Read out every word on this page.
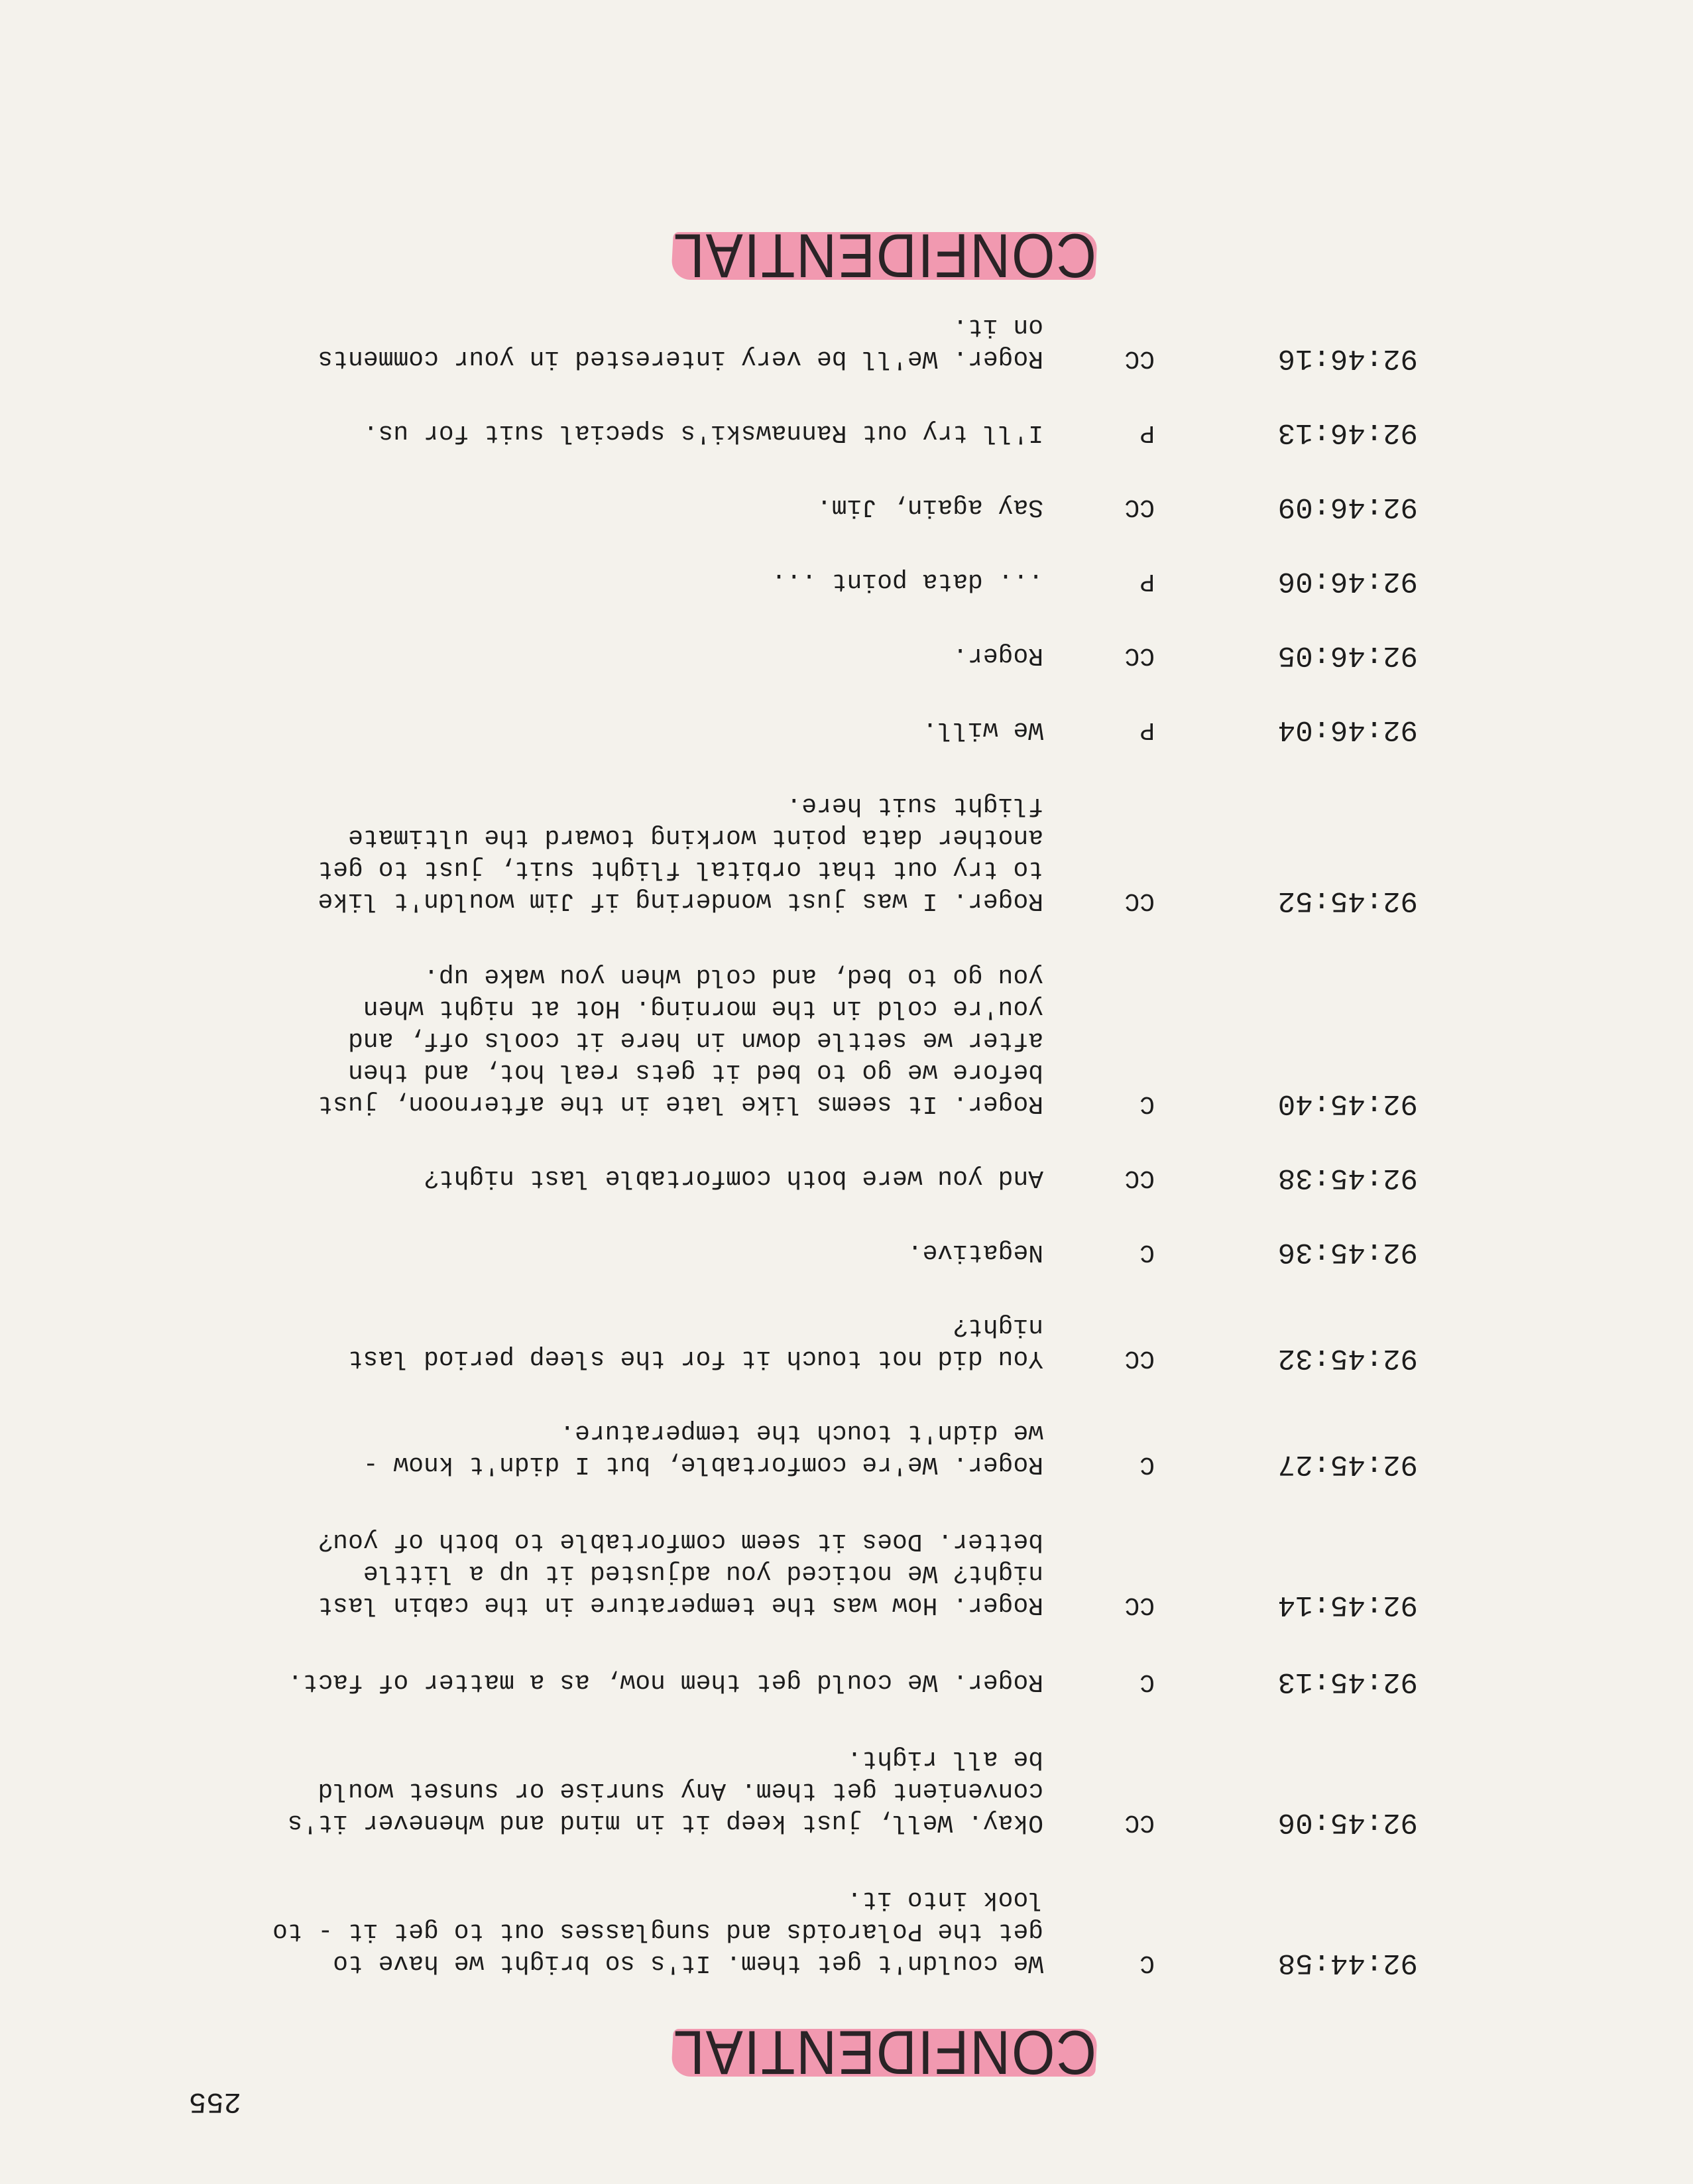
255
CONFIDENTIAL
92:44:58
C
We couldn't get them. It's so bright we have to
get the Polaroids and sunglasses out to get it - to
look into it.
92:45:06
CC
Okay. Well, just keep it in mind and whenever it's
convenient get them. Any sunrise or sunset would
be all right.
92:45:13
C
Roger. We could get them now, as a matter of fact.
92:45:14
CC
Roger. How was the temperature in the cabin last
night? We noticed you adjusted it up a little
better. Does it seem comfortable to both of you?
92:45:27
C
Roger. We're comfortable, but I didn't know -
we didn't touch the temperature.
92:45:32
CC
You did not touch it for the sleep period last
night?
92:45:36
C
Negative.
92:45:38
CC
And you were both comfortable last night?
92:45:40
C
Roger. It seems like late in the afternoon, just
before we go to bed it gets real hot, and then
after we settle down in here it cools off, and
you're cold in the morning. Hot at night when
you go to bed, and cold when you wake up.
92:45:52
CC
Roger. I was just wondering if Jim wouldn't like
to try out that orbital flight suit, just to get
another data point working toward the ultimate
flight suit here.
92:46:04
P
We will.
92:46:05
CC
Roger.
92:46:06
P
... data point ...
92:46:09
CC
Say again, Jim.
92:46:13
P
I'll try out Rannawski's special suit for us.
92:46:16
CC
Roger. We'll be very interested in your comments
on it.
CONFIDENTIAL
